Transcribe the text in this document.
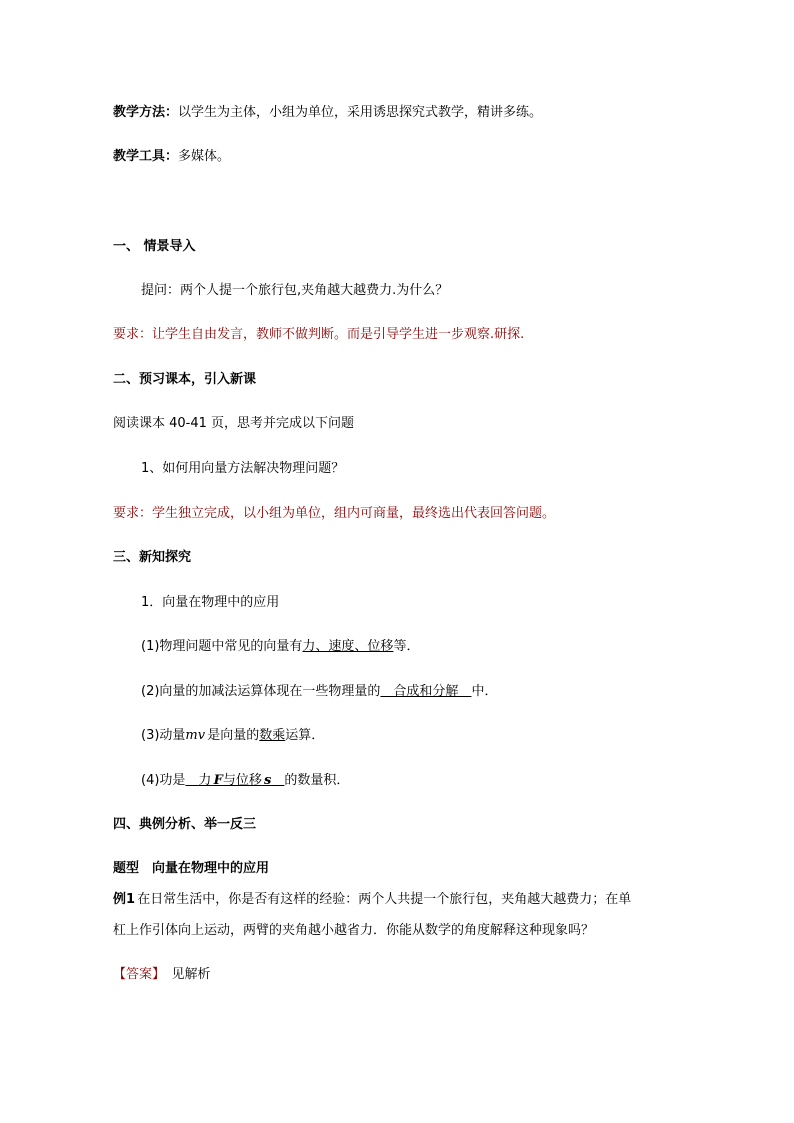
教学方法：以学生为主体，小组为单位，采用诱思探究式教学，精讲多练。
教学工具：多媒体。
一、 情景导入
提问：两个人提一个旅行包,夹角越大越费力.为什么？
要求：让学生自由发言，教师不做判断。而是引导学生进一步观察.研探.
二、预习课本，引入新课
阅读课本 40-41 页，思考并完成以下问题
1、如何用向量方法解决物理问题？
要求：学生独立完成，以小组为单位，组内可商量，最终选出代表回答问题。
三、新知探究
1．向量在物理中的应用
(1)物理问题中常见的向量有力、速度、位移等．
(2)向量的加减法运算体现在一些物理量的   合成和分解   中．
(3)动量mv  是向量的数乘运算．
(4)功是   力  F与位移  s   的数量积．
四、典例分析、举一反三
题型　向量在物理中的应用
例1  在日常生活中，你是否有这样的经验：两个人共提一个旅行包，夹角越大越费力；在单
杠上作引体向上运动，两臂的夹角越小越省力．你能从数学的角度解释这种现象吗？
【答案】  见解析
